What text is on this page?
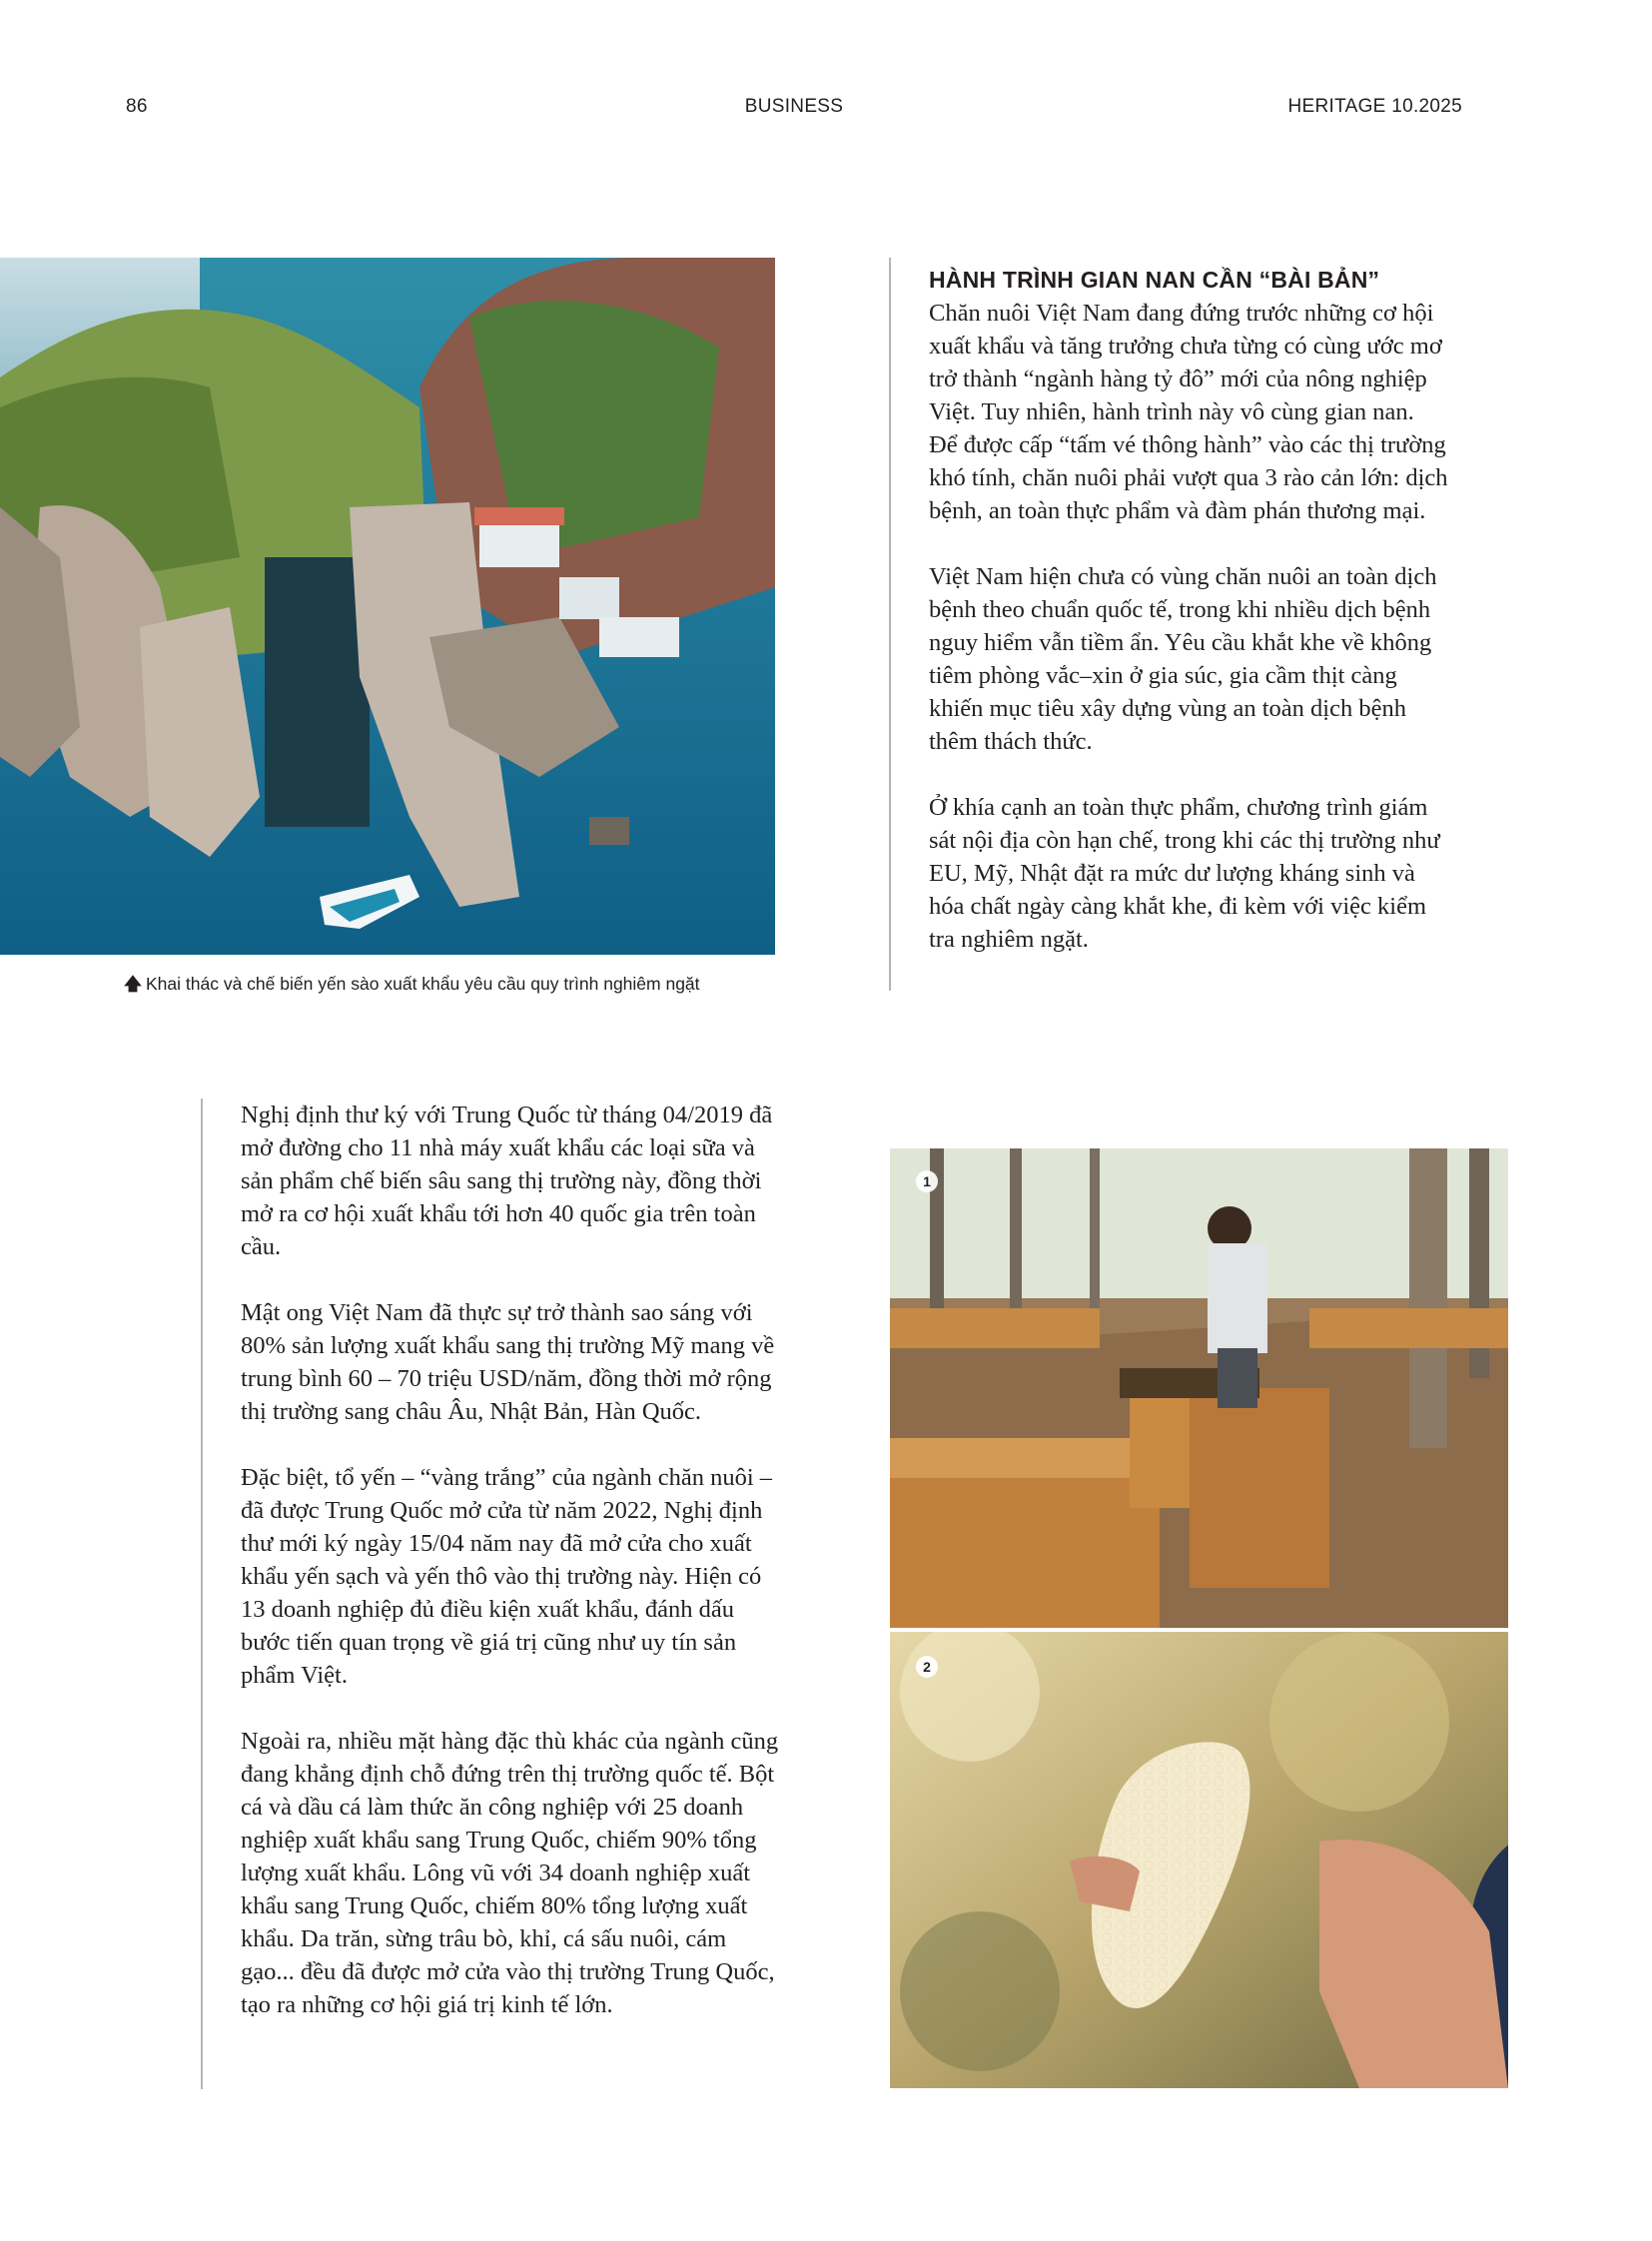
86	BUSINESS	HERITAGE 10.2025
🡅 Khai thác và chế biến yến sào xuất khẩu yêu cầu quy trình nghiêm ngặt
HÀNH TRÌNH GIAN NAN CẦN “BÀI BẢN”

Chăn nuôi Việt Nam đang đứng trước những cơ hội xuất khẩu và tăng trưởng chưa từng có cùng ước mơ trở thành “ngành hàng tỷ đô” mới của nông nghiệp Việt. Tuy nhiên, hành trình này vô cùng gian nan. Để được cấp “tấm vé thông hành” vào các thị trường khó tính, chăn nuôi phải vượt qua 3 rào cản lớn: dịch bệnh, an toàn thực phẩm và đàm phán thương mại.

Việt Nam hiện chưa có vùng chăn nuôi an toàn dịch bệnh theo chuẩn quốc tế, trong khi nhiều dịch bệnh nguy hiểm vẫn tiềm ẩn. Yêu cầu khắt khe về không tiêm phòng vắc–xin ở gia súc, gia cầm thịt càng khiến mục tiêu xây dựng vùng an toàn dịch bệnh thêm thách thức.

Ở khía cạnh an toàn thực phẩm, chương trình giám sát nội địa còn hạn chế, trong khi các thị trường như EU, Mỹ, Nhật đặt ra mức dư lượng kháng sinh và hóa chất ngày càng khắt khe, đi kèm với việc kiểm tra nghiêm ngặt.

Nghị định thư ký với Trung Quốc từ tháng 04/2019 đã mở đường cho 11 nhà máy xuất khẩu các loại sữa và sản phẩm chế biến sâu sang thị trường này, đồng thời mở ra cơ hội xuất khẩu tới hơn 40 quốc gia trên toàn cầu.

Mật ong Việt Nam đã thực sự trở thành sao sáng với 80% sản lượng xuất khẩu sang thị trường Mỹ mang về trung bình 60 – 70 triệu USD/năm, đồng thời mở rộng thị trường sang châu Âu, Nhật Bản, Hàn Quốc.

Đặc biệt, tổ yến – “vàng trắng” của ngành chăn nuôi – đã được Trung Quốc mở cửa từ năm 2022, Nghị định thư mới ký ngày 15/04 năm nay đã mở cửa cho xuất khẩu yến sạch và yến thô vào thị trường này. Hiện có 13 doanh nghiệp đủ điều kiện xuất khẩu, đánh dấu bước tiến quan trọng về giá trị cũng như uy tín sản phẩm Việt.

Ngoài ra, nhiều mặt hàng đặc thù khác của ngành cũng đang khẳng định chỗ đứng trên thị trường quốc tế. Bột cá và dầu cá làm thức ăn công nghiệp với 25 doanh nghiệp xuất khẩu sang Trung Quốc, chiếm 90% tổng lượng xuất khẩu. Lông vũ với 34 doanh nghiệp xuất khẩu sang Trung Quốc, chiếm 80% tổng lượng xuất khẩu. Da trăn, sừng trâu bò, khỉ, cá sấu nuôi, cám gạo... đều đã được mở cửa vào thị trường Trung Quốc, tạo ra những cơ hội giá trị kinh tế lớn.

1
2
